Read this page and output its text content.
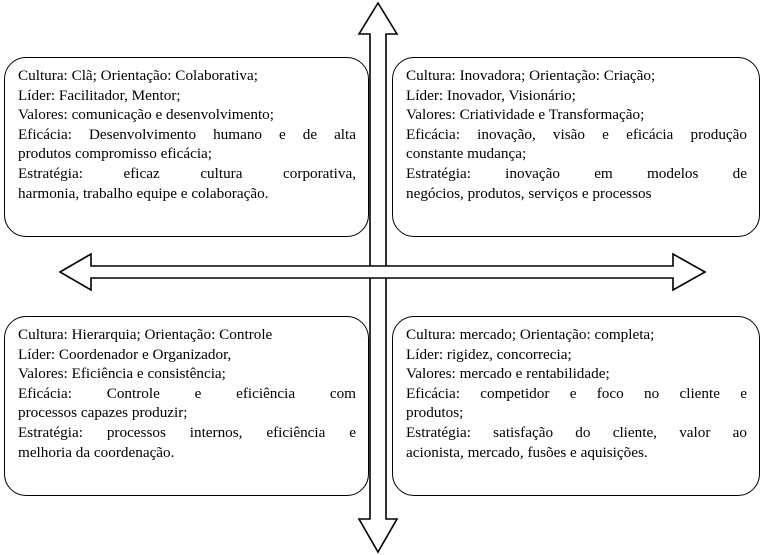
Cultura: Clã; Orientação: Colaborativa;
Líder: Facilitador, Mentor;
Valores: comunicação e desenvolvimento;
Eficácia: Desenvolvimento humano e de alta
produtos compromisso eficácia;
Estratégia: eficaz cultura corporativa,
harmonia, trabalho equipe e colaboração.
Cultura: Inovadora; Orientação: Criação;
Líder: Inovador, Visionário;
Valores: Criatividade e Transformação;
Eficácia: inovação, visão e eficácia produção
constante mudança;
Estratégia: inovação em modelos de
negócios, produtos, serviços e processos
Cultura: Hierarquia; Orientação: Controle
Líder: Coordenador e Organizador,
Valores: Eficiência e consistência;
Eficácia: Controle e eficiência com
processos capazes produzir;
Estratégia: processos internos, eficiência e
melhoria da coordenação.
Cultura: mercado; Orientação: completa;
Líder: rigidez, concorrecia;
Valores: mercado e rentabilidade;
Eficácia: competidor e foco no cliente e
produtos;
Estratégia: satisfação do cliente, valor ao
acionista, mercado, fusões e aquisições.
